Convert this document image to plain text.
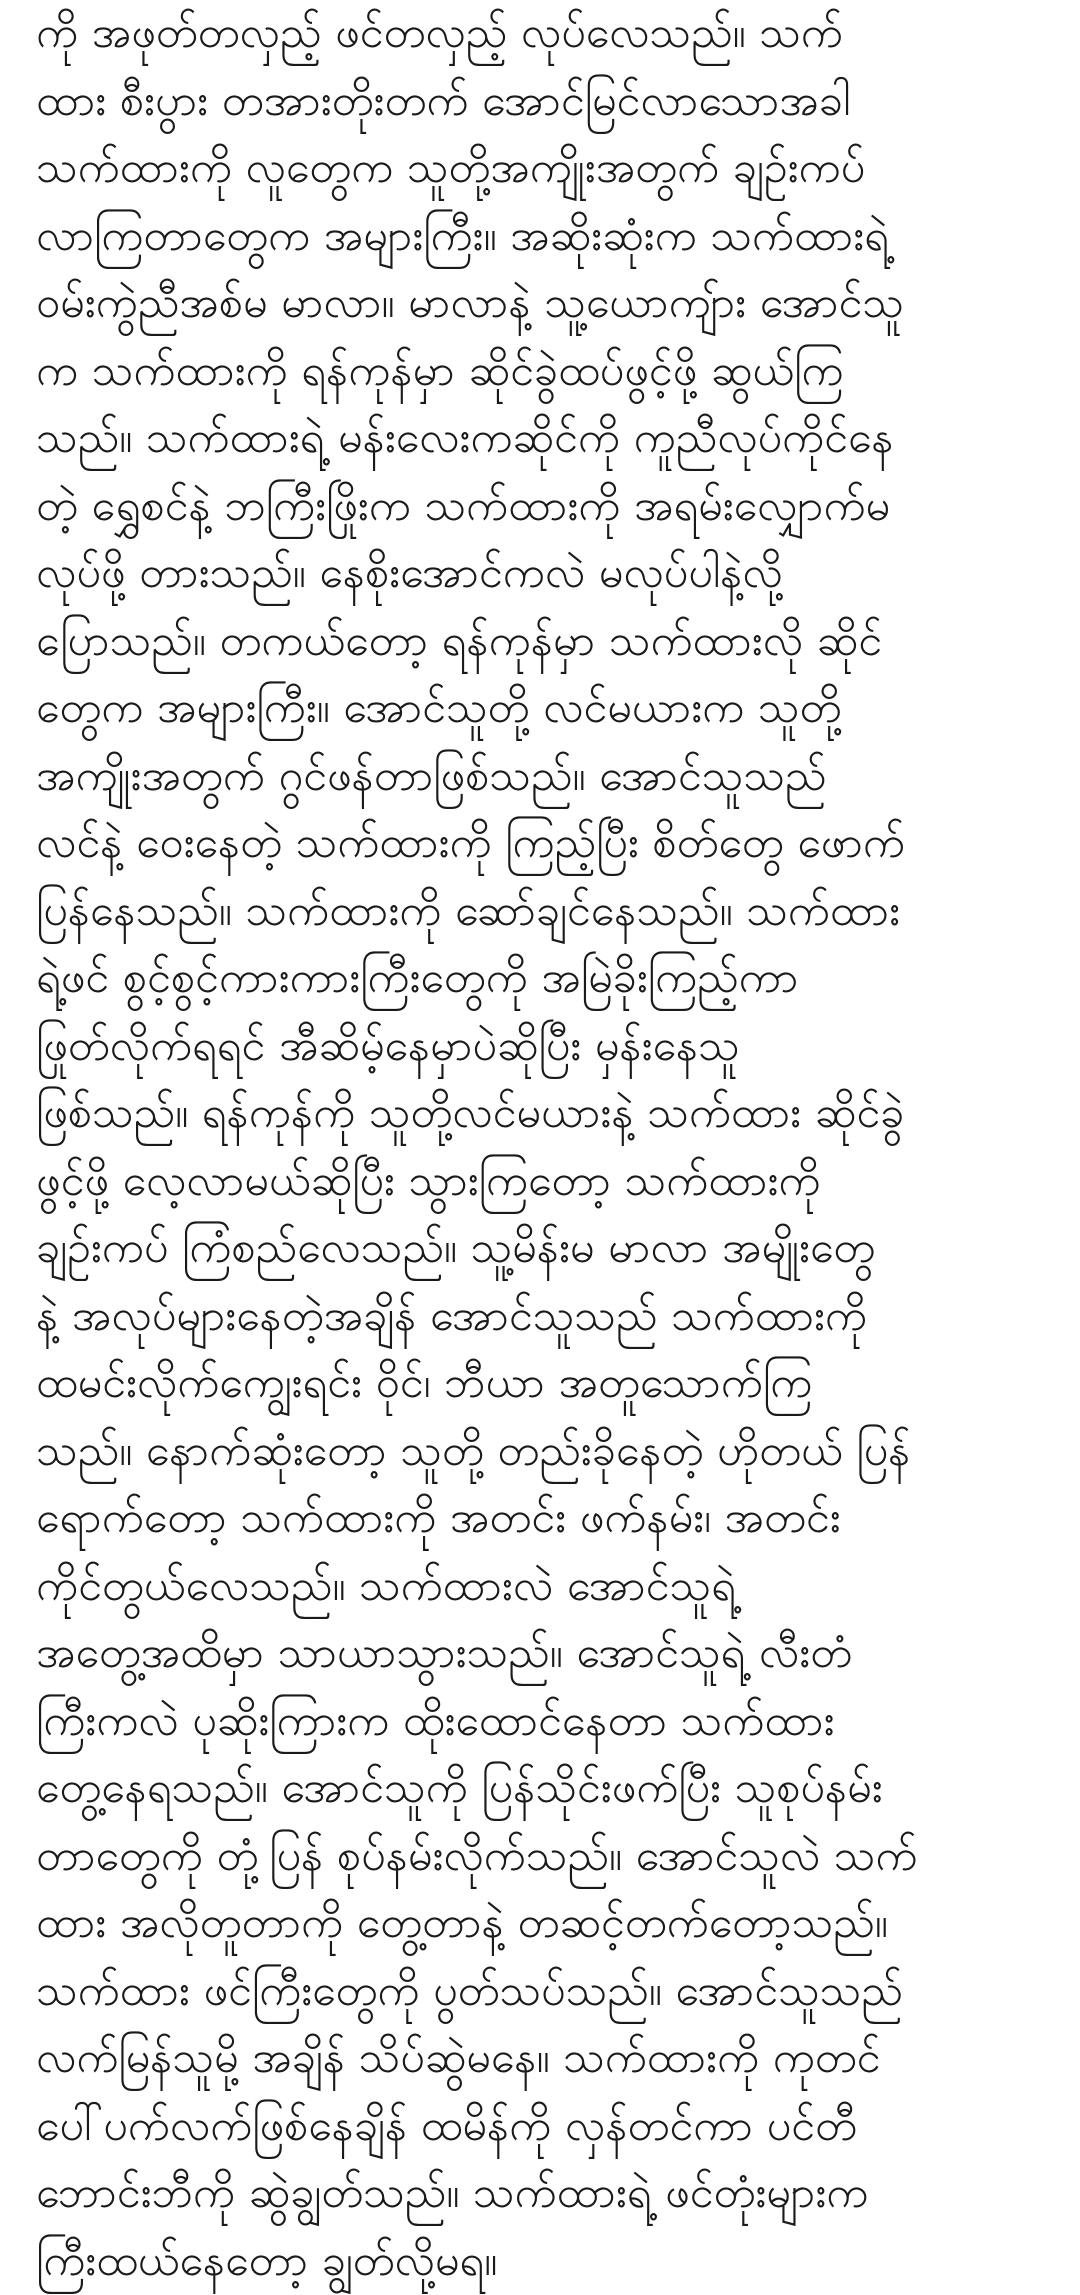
ကို အဖုတ်တလှည့် ဖင်တလှည့် လုပ်လေသည်။ သက်
ထား စီးပွား တအားတိုးတက် အောင်မြင်လာသောအခါ
သက်ထားကို လူတွေက သူတို့အကျိုးအတွက် ချဉ်းကပ်
လာကြတာတွေက အများကြီး။ အဆိုးဆုံးက သက်ထားရဲ့
ဝမ်းကွဲညီအစ်မ မာလာ။ မာလာနဲ့ သူ့ယောကျ်ား အောင်သူ
က သက်ထားကို ရန်ကုန်မှာ ဆိုင်ခွဲထပ်ဖွင့်ဖို့ ဆွယ်ကြ
သည်။ သက်ထားရဲ့ မန်းလေးကဆိုင်ကို ကူညီလုပ်ကိုင်နေ
တဲ့ ရွှေစင်နဲ့ ဘကြီးဖြိုးက သက်ထားကို အရမ်းလျှောက်မ
လုပ်ဖို့ တားသည်။ နေစိုးအောင်ကလဲ မလုပ်ပါနဲ့လို့
ပြောသည်။ တကယ်တော့ ရန်ကုန်မှာ သက်ထားလို ဆိုင်
တွေက အများကြီး။ အောင်သူတို့ လင်မယားက သူတို့
အကျိုးအတွက် ဂွင်ဖန်တာဖြစ်သည်။ အောင်သူသည်
လင်နဲ့ ဝေးနေတဲ့ သက်ထားကို ကြည့်ပြီး စိတ်တွေ ဖောက်
ပြန်နေသည်။ သက်ထားကို ဆော်ချင်နေသည်။ သက်ထား
ရဲ့ဖင် စွင့်စွင့်ကားကားကြီးတွေကို အမြဲခိုးကြည့်ကာ
ဖြုတ်လိုက်ရရင် အီဆိမ့်နေမှာပဲဆိုပြီး မှန်းနေသူ
ဖြစ်သည်။ ရန်ကုန်ကို သူတို့လင်မယားနဲ့ သက်ထား ဆိုင်ခွဲ
ဖွင့်ဖို့ လေ့လာမယ်ဆိုပြီး သွားကြတော့ သက်ထားကို
ချဉ်းကပ် ကြံစည်လေသည်။ သူ့မိန်းမ မာလာ အမျိုးတွေ
နဲ့ အလုပ်များနေတဲ့အချိန် အောင်သူသည် သက်ထားကို
ထမင်းလိုက်ကျွေးရင်း ဝိုင်၊ ဘီယာ အတူသောက်ကြ
သည်။ နောက်ဆုံးတော့ သူတို့ တည်းခိုနေတဲ့ ဟိုတယ် ပြန်
ရောက်တော့ သက်ထားကို အတင်း ဖက်နမ်း၊ အတင်း
ကိုင်တွယ်လေသည်။ သက်ထားလဲ အောင်သူရဲ့
အတွေ့အထိမှာ သာယာသွားသည်။ အောင်သူရဲ့ လီးတံ
ကြီးကလဲ ပုဆိုးကြားက ထိုးထောင်နေတာ သက်ထား
တွေ့နေရသည်။ အောင်သူကို ပြန်သိုင်းဖက်ပြီး သူစုပ်နမ်း
တာတွေကို တုံ့ပြန် စုပ်နမ်းလိုက်သည်။ အောင်သူလဲ သက်
ထား အလိုတူတာကို တွေ့တာနဲ့ တဆင့်တက်တော့သည်။
သက်ထား ဖင်ကြီးတွေကို ပွတ်သပ်သည်။ အောင်သူသည်
လက်မြန်သူမို့ အချိန် သိပ်ဆွဲမနေ။ သက်ထားကို ကုတင်
ပေါ်ပက်လက်ဖြစ်နေချိန် ထမိန်ကို လှန်တင်ကာ ပင်တီ
ဘောင်းဘီကို ဆွဲချွတ်သည်။ သက်ထားရဲ့ ဖင်တုံးများက
ကြီးထယ်နေတော့ ချွတ်လို့မရ။
